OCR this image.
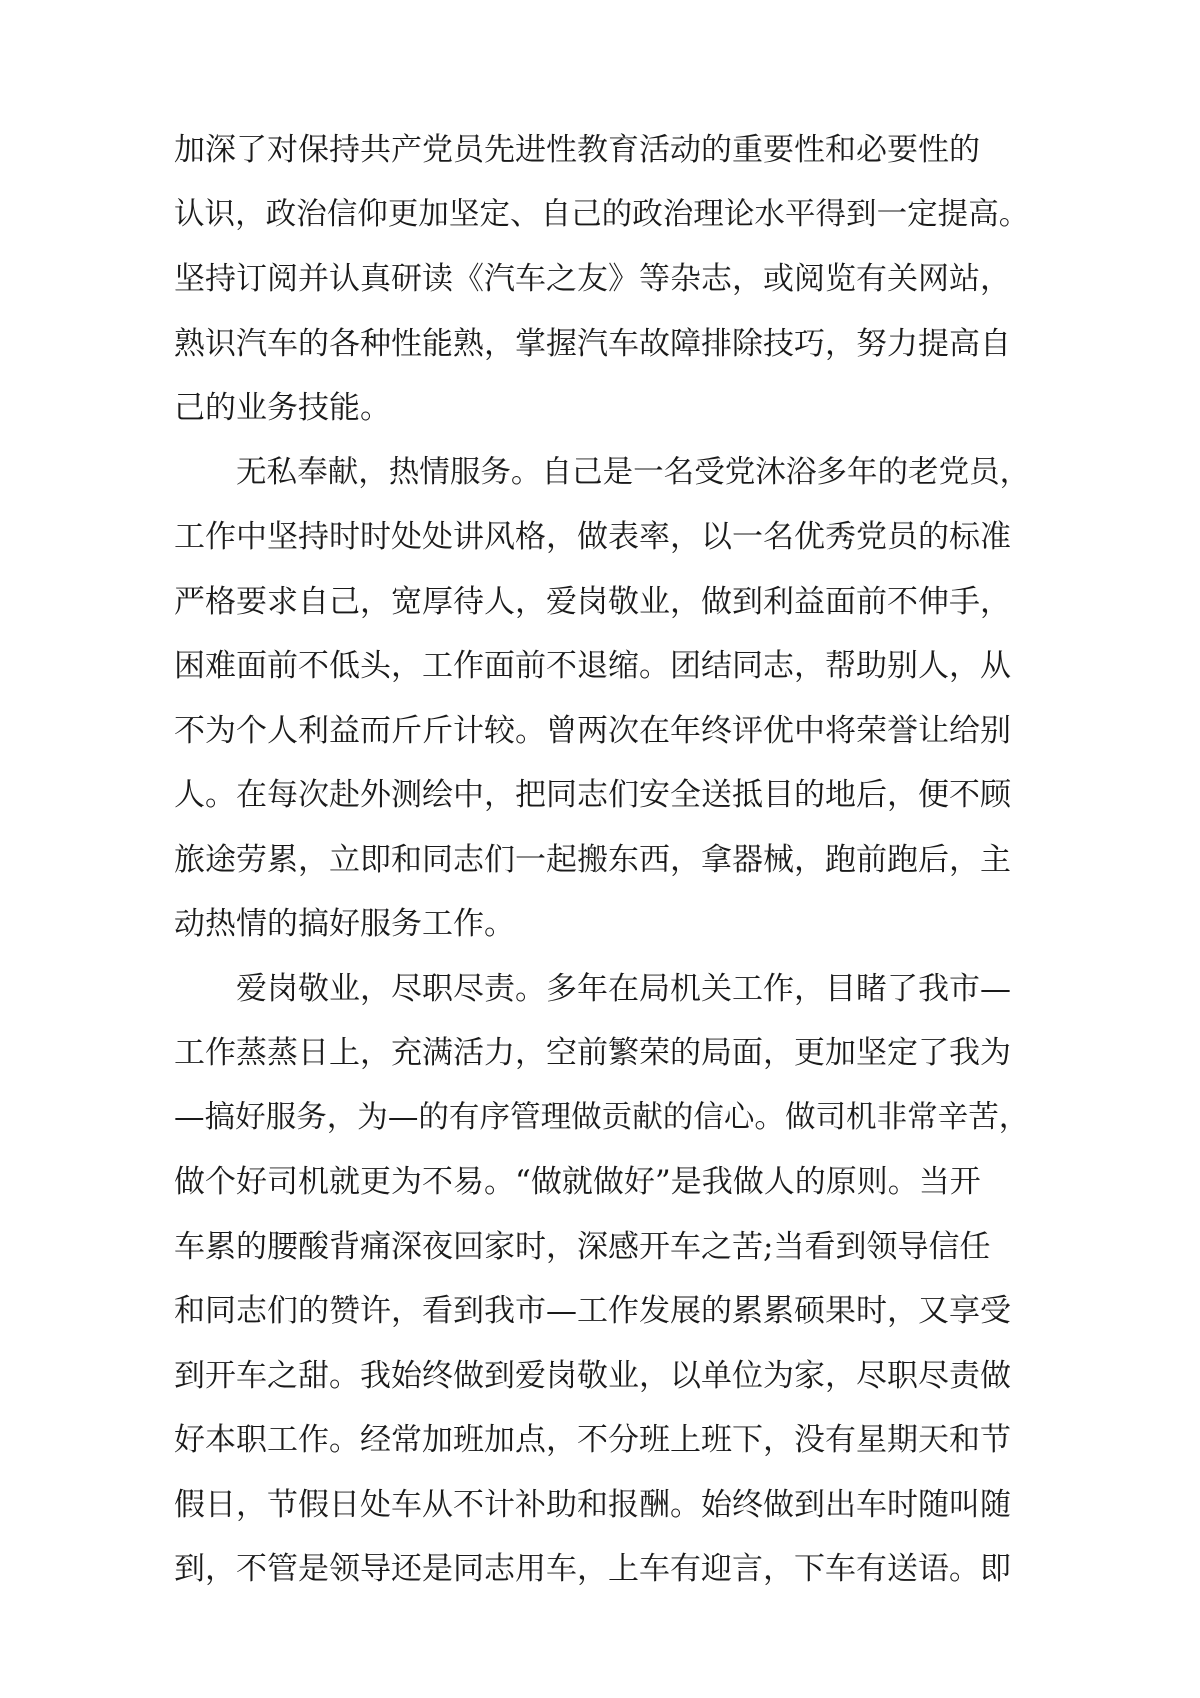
加深了对保持共产党员先进性教育活动的重要性和必要性的
认识，政治信仰更加坚定、自己的政治理论水平得到一定提高。
坚持订阅并认真研读《汽车之友》等杂志，或阅览有关网站，
熟识汽车的各种性能熟，掌握汽车故障排除技巧，努力提高自
己的业务技能。

无私奉献，热情服务。自己是一名受党沐浴多年的老党员，
工作中坚持时时处处讲风格，做表率，以一名优秀党员的标准
严格要求自己，宽厚待人，爱岗敬业，做到利益面前不伸手，
困难面前不低头，工作面前不退缩。团结同志，帮助别人，从
不为个人利益而斤斤计较。曾两次在年终评优中将荣誉让给别
人。在每次赴外测绘中，把同志们安全送抵目的地后，便不顾
旅途劳累，立即和同志们一起搬东西，拿器械，跑前跑后，主
动热情的搞好服务工作。

爱岗敬业，尽职尽责。多年在局机关工作，目睹了我市—
工作蒸蒸日上，充满活力，空前繁荣的局面，更加坚定了我为
—搞好服务，为—的有序管理做贡献的信心。做司机非常辛苦，
做个好司机就更为不易。“做就做好”是我做人的原则。当开
车累的腰酸背痛深夜回家时，深感开车之苦;当看到领导信任
和同志们的赞许，看到我市—工作发展的累累硕果时，又享受
到开车之甜。我始终做到爱岗敬业，以单位为家，尽职尽责做
好本职工作。经常加班加点，不分班上班下，没有星期天和节
假日，节假日处车从不计补助和报酬。始终做到出车时随叫随
到，不管是领导还是同志用车，上车有迎言，下车有送语。即
